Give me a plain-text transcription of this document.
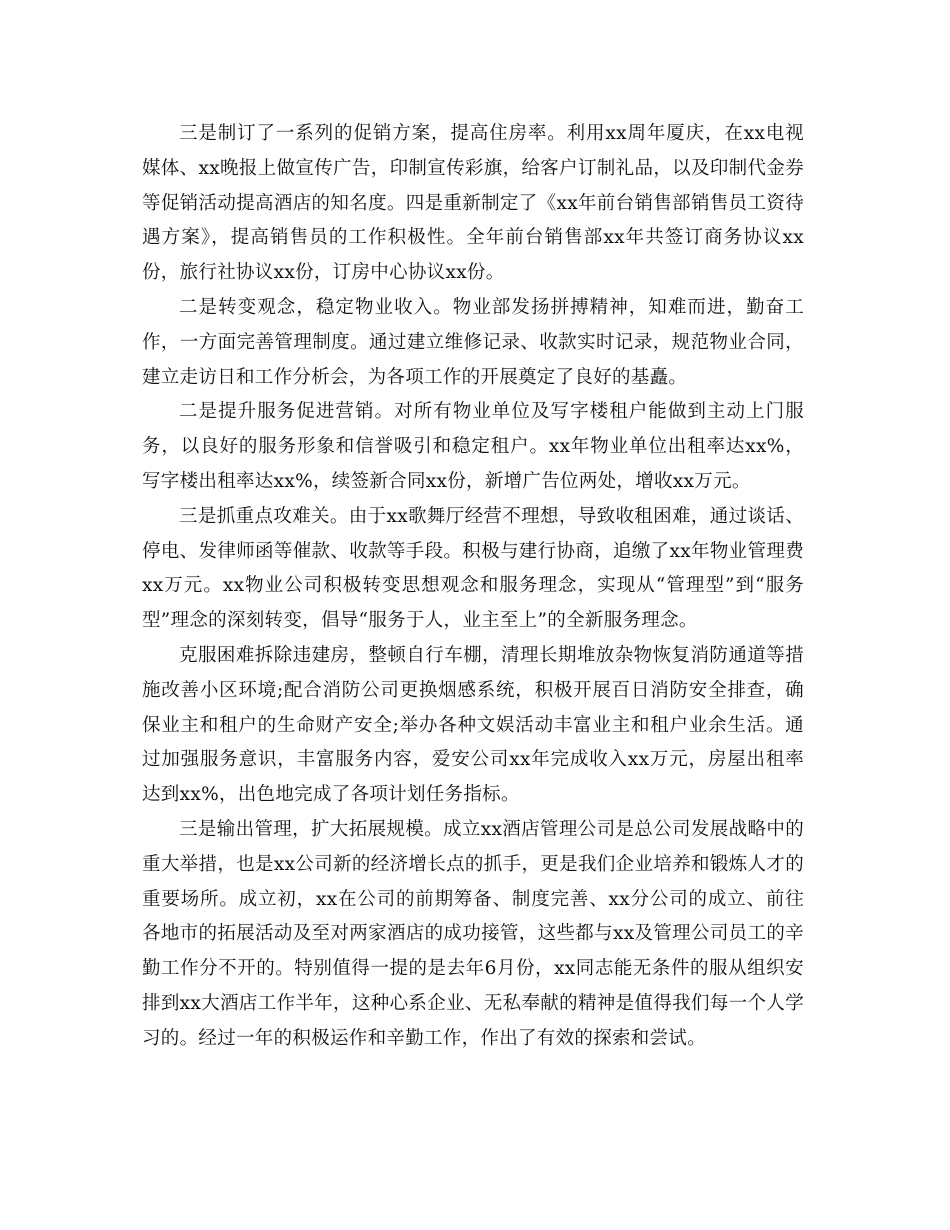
三是制订了一系列的促销方案，提高住房率。利用xx周年厦庆，在xx电视媒体、xx晚报上做宣传广告，印制宣传彩旗，给客户订制礼品，以及印制代金券等促销活动提高酒店的知名度。四是重新制定了《xx年前台销售部销售员工资待遇方案》，提高销售员的工作积极性。全年前台销售部xx年共签订商务协议xx份，旅行社协议xx份，订房中心协议xx份。

二是转变观念，稳定物业收入。物业部发扬拼搏精神，知难而进，勤奋工作，一方面完善管理制度。通过建立维修记录、收款实时记录，规范物业合同，建立走访日和工作分析会，为各项工作的开展奠定了良好的基矗。

二是提升服务促进营销。对所有物业单位及写字楼租户能做到主动上门服务，以良好的服务形象和信誉吸引和稳定租户。xx年物业单位出租率达xx%，写字楼出租率达xx%，续签新合同xx份，新增广告位两处，增收xx万元。

三是抓重点攻难关。由于xx歌舞厅经营不理想，导致收租困难，通过谈话、停电、发律师函等催款、收款等手段。积极与建行协商，追缴了xx年物业管理费xx万元。xx物业公司积极转变思想观念和服务理念，实现从“管理型”到“服务型”理念的深刻转变，倡导“服务于人，业主至上”的全新服务理念。

克服困难拆除违建房，整顿自行车棚，清理长期堆放杂物恢复消防通道等措施改善小区环境;配合消防公司更换烟感系统，积极开展百日消防安全排查，确保业主和租户的生命财产安全;举办各种文娱活动丰富业主和租户业余生活。通过加强服务意识，丰富服务内容，爱安公司xx年完成收入xx万元，房屋出租率达到xx%，出色地完成了各项计划任务指标。

三是输出管理，扩大拓展规模。成立xx酒店管理公司是总公司发展战略中的重大举措，也是xx公司新的经济增长点的抓手，更是我们企业培养和锻炼人才的重要场所。成立初，xx在公司的前期筹备、制度完善、xx分公司的成立、前往各地市的拓展活动及至对两家酒店的成功接管，这些都与xx及管理公司员工的辛勤工作分不开的。特别值得一提的是去年6月份，xx同志能无条件的服从组织安排到xx大酒店工作半年，这种心系企业、无私奉献的精神是值得我们每一个人学习的。经过一年的积极运作和辛勤工作，作出了有效的探索和尝试。
